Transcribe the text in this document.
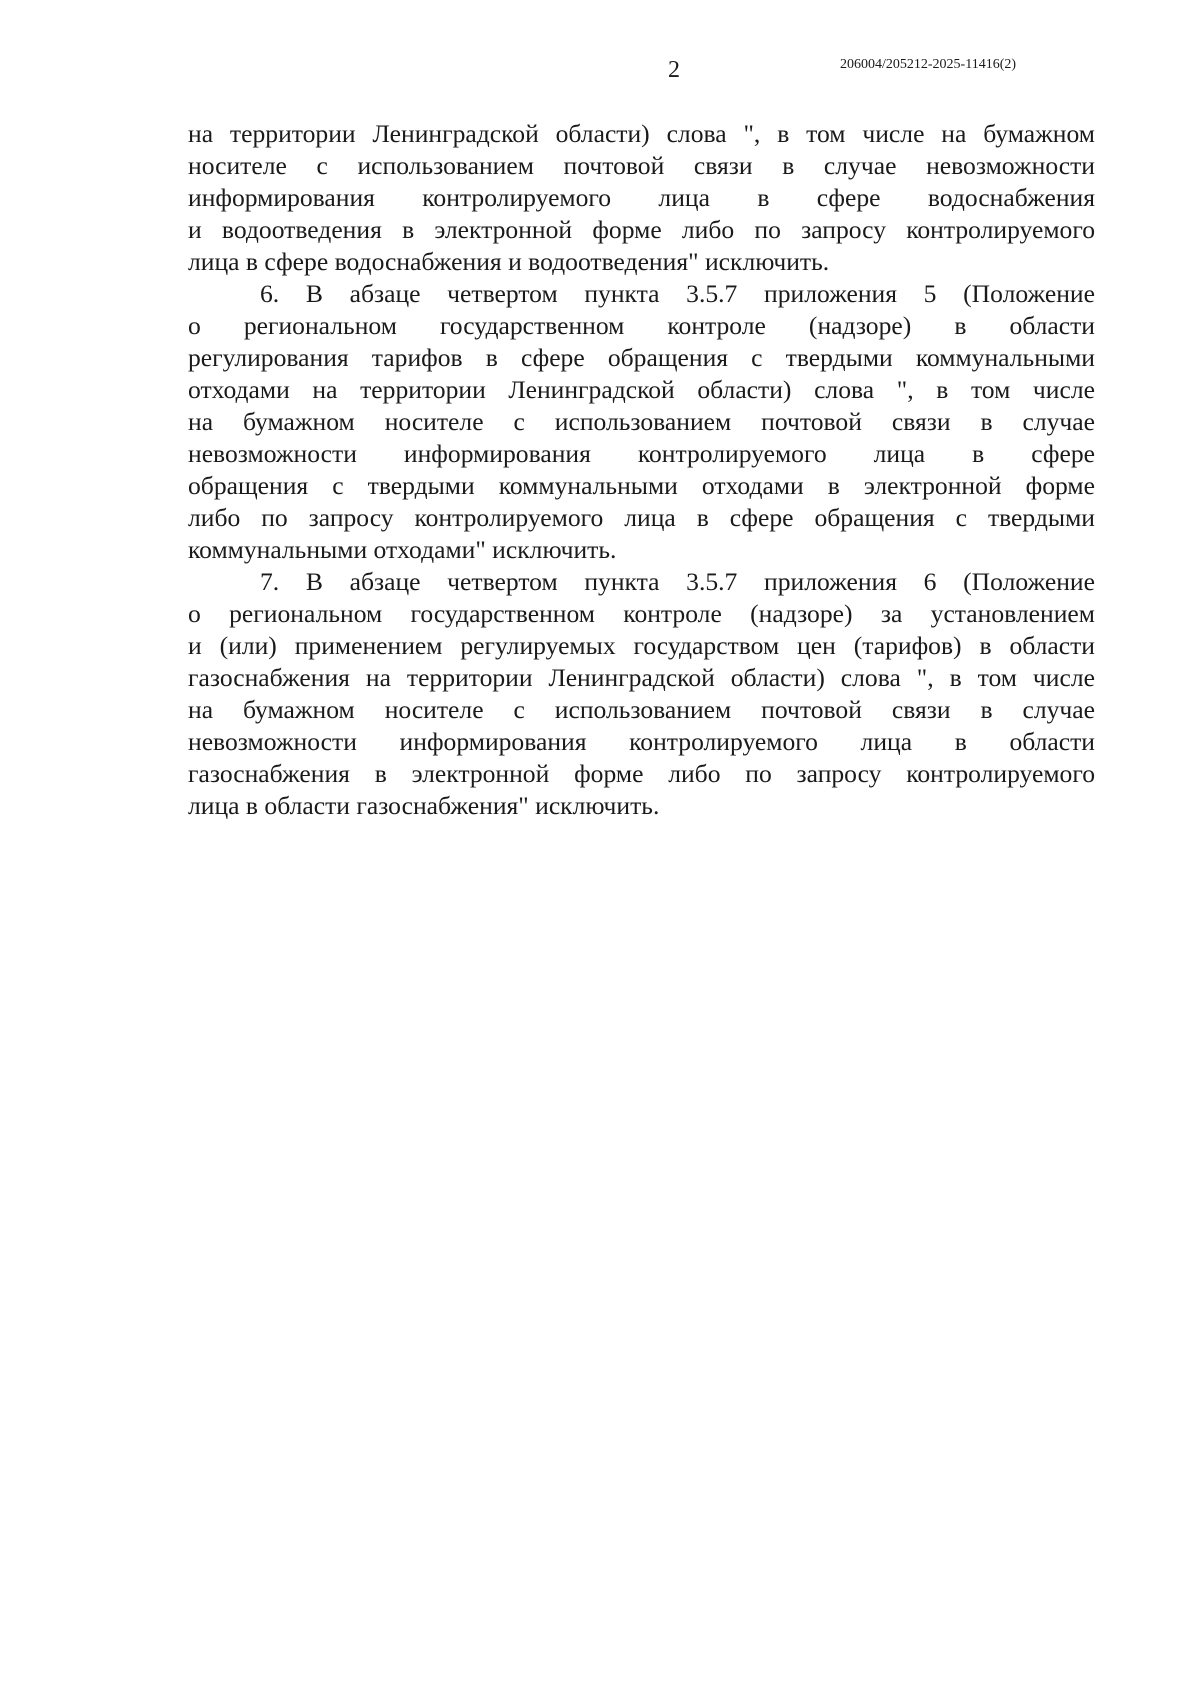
2	206004/205212-2025-11416(2)
на территории Ленинградской области) слова ", в том числе на бумажном
носителе с использованием почтовой связи в случае невозможности
информирования контролируемого лица в сфере водоснабжения
и водоотведения в электронной форме либо по запросу контролируемого
лица в сфере водоснабжения и водоотведения" исключить.
6. В абзаце четвертом пункта 3.5.7 приложения 5 (Положение
о региональном государственном контроле (надзоре) в области
регулирования тарифов в сфере обращения с твердыми коммунальными
отходами на территории Ленинградской области) слова ", в том числе
на бумажном носителе с использованием почтовой связи в случае
невозможности информирования контролируемого лица в сфере
обращения с твердыми коммунальными отходами в электронной форме
либо по запросу контролируемого лица в сфере обращения с твердыми
коммунальными отходами" исключить.
7. В абзаце четвертом пункта 3.5.7 приложения 6 (Положение
о региональном государственном контроле (надзоре) за установлением
и (или) применением регулируемых государством цен (тарифов) в области
газоснабжения на территории Ленинградской области) слова ", в том числе
на бумажном носителе с использованием почтовой связи в случае
невозможности информирования контролируемого лица в области
газоснабжения в электронной форме либо по запросу контролируемого
лица в области газоснабжения" исключить.
